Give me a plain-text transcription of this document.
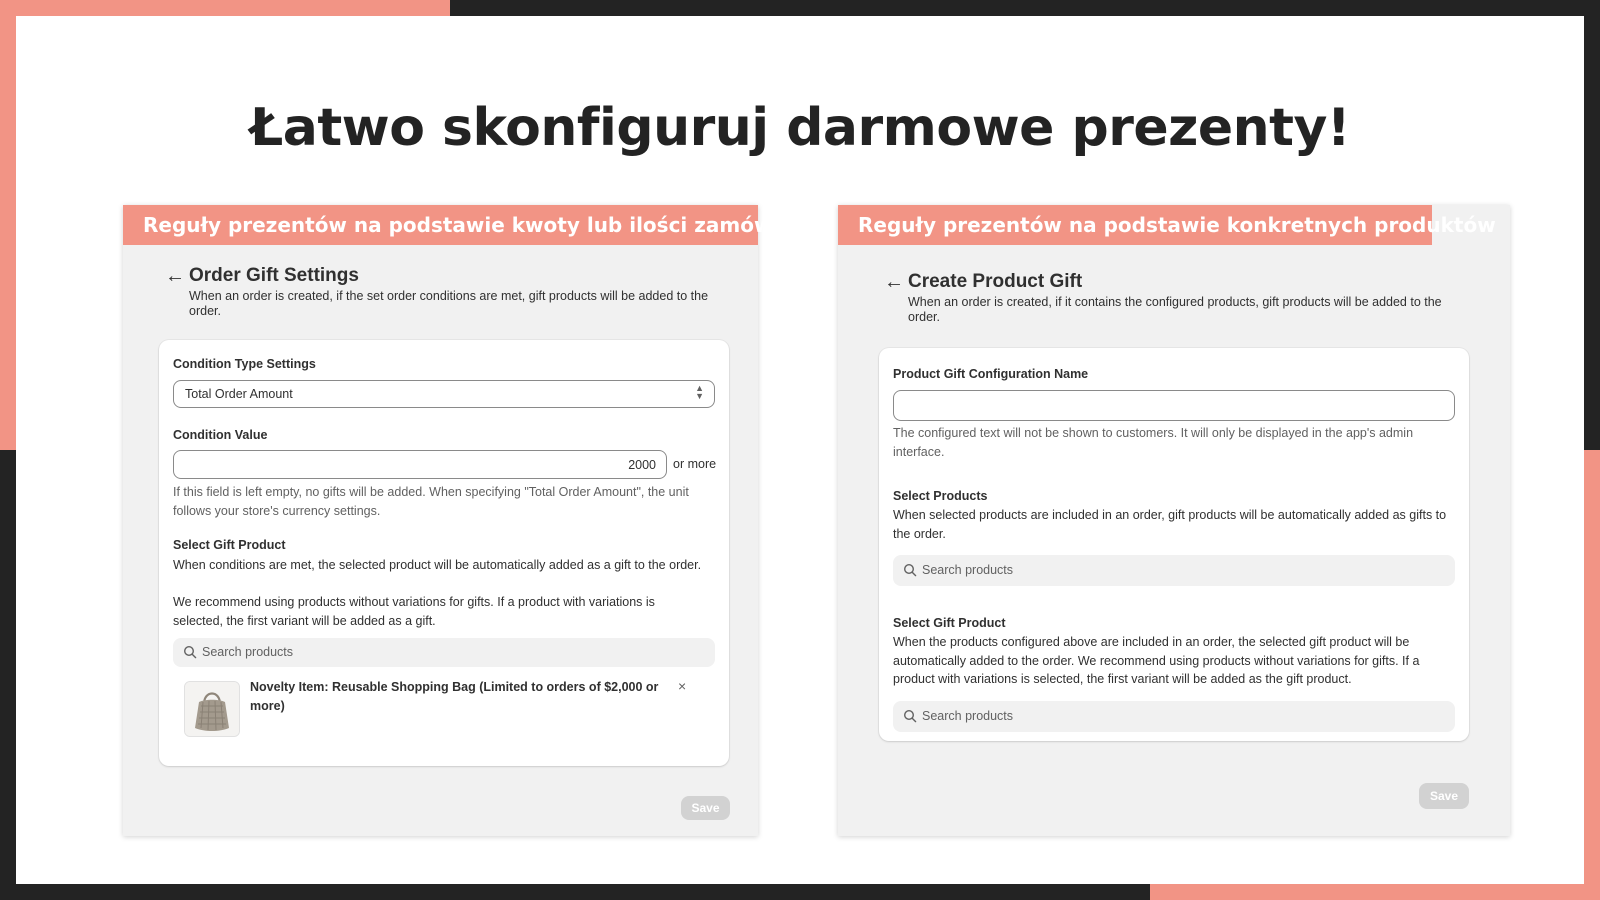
Łatwo skonfiguruj darmowe prezenty!
Reguły prezentów na podstawie kwoty lub ilości zamówienia
← Order Gift Settings
When an order is created, if the set order conditions are met, gift products will be added to the order.
Condition Type Settings
Total Order Amount	▲
▼
Condition Value
2000 or more
If this field is left empty, no gifts will be added. When specifying "Total Order Amount", the unit follows your store's currency settings.
Select Gift Product
When conditions are met, the selected product will be automatically added as a gift to the order.
We recommend using products without variations for gifts. If a product with variations is selected, the first variant will be added as a gift.
Search products
Novelty Item: Reusable Shopping Bag (Limited to orders of $2,000 or more)
×
Save
Reguły prezentów na podstawie konkretnych produktów
← Create Product Gift
When an order is created, if it contains the configured products, gift products will be added to the order.
Product Gift Configuration Name
The configured text will not be shown to customers. It will only be displayed in the app's admin interface.
Select Products
When selected products are included in an order, gift products will be automatically added as gifts to the order.
Search products
Select Gift Product
When the products configured above are included in an order, the selected gift product will be automatically added to the order. We recommend using products without variations for gifts. If a product with variations is selected, the first variant will be added as the gift product.
Search products
Save
